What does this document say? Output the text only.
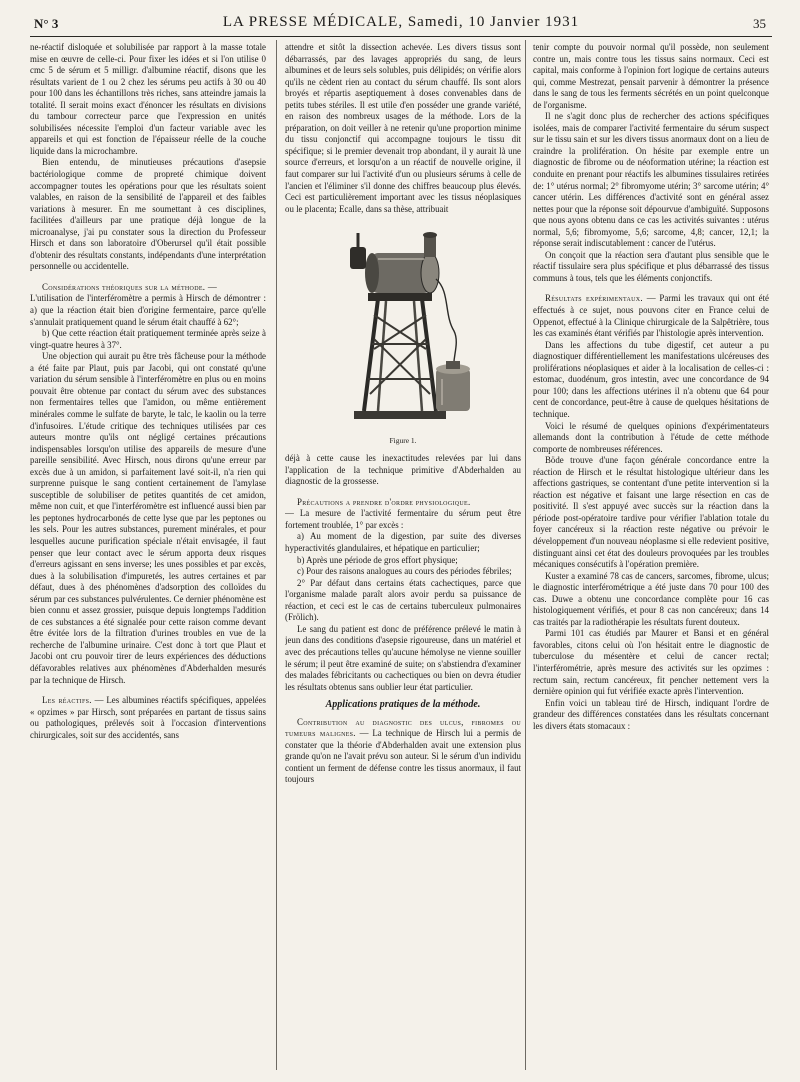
N° 3	LA PRESSE MÉDICALE, Samedi, 10 Janvier 1931	35

ne-réactif disloquée et solubilisée par rapport à la masse totale mise en œuvre de celle-ci. Pour fixer les idées et si l'on utilise 0 cmc 5 de sérum et 5 milligr. d'albumine réactif, disons que les résultats varient de 1 ou 2 chez les sérums peu actifs à 30 ou 40 pour 100 dans les échantillons très riches, sans atteindre jamais la totalité. Il serait moins exact d'énoncer les résultats en divisions du tambour correcteur parce que l'expression en unités solubilisées nécessite l'emploi d'un facteur variable avec les appareils et qui est fonction de l'épaisseur réelle de la couche liquide dans la microchambre.

Bien entendu, de minutieuses précautions d'asepsie bactériologique comme de propreté chimique doivent accompagner toutes les opérations pour que les résultats soient valables, en raison de la sensibilité de l'appareil et des faibles variations à mesurer. En me soumettant à ces disciplines, facilitées d'ailleurs par une pratique déjà longue de la microanalyse, j'ai pu constater sous la direction du Professeur Hirsch et dans son laboratoire d'Oberursel qu'il était possible d'obtenir des résultats constants, indépendants d'une interprétation personnelle ou accidentelle.

Considérations théoriques sur la méthode. —

L'utilisation de l'interféromètre a permis à Hirsch de démontrer : a) que la réaction était bien d'origine fermentaire, parce qu'elle s'annulait pratiquement quand le sérum était chauffé à 62°;

b) Que cette réaction était pratiquement terminée après seize à vingt-quatre heures à 37°.

Une objection qui aurait pu être très fâcheuse pour la méthode a été faite par Plaut, puis par Jacobi, qui ont constaté qu'une variation du sérum sensible à l'interféromètre en plus ou en moins pouvait être obtenue par contact du sérum avec des substances non fermentaires telles que l'amidon, ou même entièrement minérales comme le sulfate de baryte, le talc, le kaolin ou la terre d'infusoires. L'étude critique des techniques utilisées par ces auteurs montre qu'ils ont négligé certaines précautions indispensables lorsqu'on utilise des appareils de mesure d'une pareille sensibilité. Avec Hirsch, nous dirons qu'une erreur par excès due à un amidon, si parfaitement lavé soit-il, n'a rien qui surprenne puisque le sang contient certainement de l'amylase susceptible de solubiliser de petites quantités de cet amidon, même non cuit, et que l'interféromètre est influencé aussi bien par les peptones hydrocarbonés de cette lyse que par les peptones ou les sels. Pour les autres substances, purement minérales, et pour lesquelles aucune purification spéciale n'était envisagée, il faut penser que leur contact avec le sérum apporta deux risques d'erreurs agissant en sens inverse; les unes possibles et par excès, dues à la solubilisation d'impuretés, les autres certaines et par défaut, dues à des phénomènes d'adsorption des colloïdes du sérum par ces substances pulvérulentes. Ce dernier phénomène est bien connu et assez grossier, puisque depuis longtemps l'addition de ces substances a été signalée pour cette raison comme devant être évitée lors de la filtration d'urines troubles en vue de la recherche de l'albumine urinaire. C'est donc à tort que Plaut et Jacobi ont cru pouvoir tirer de leurs expériences des déductions défavorables relatives aux phénomènes d'Abderhalden mesurés par la technique de Hirsch.

Les réactifs. — Les albumines réactifs spécifiques, appelées « opzimes » par Hirsch, sont préparées en partant de tissus sains ou pathologiques, prélevés soit à l'occasion d'interventions chirurgicales, soit sur des accidentés, sans

attendre et sitôt la dissection achevée. Les divers tissus sont débarrassés, par des lavages appropriés du sang, de leurs albumines et de leurs sels solubles, puis délipidés; on vérifie alors qu'ils ne cèdent rien au contact du sérum chauffé. Ils sont alors broyés et répartis aseptiquement à doses convenables dans de petits tubes stériles. Il est utile d'en posséder une grande variété, en raison des nombreux usages de la méthode. Lors de la préparation, on doit veiller à ne retenir qu'une proportion minime du tissu conjonctif qui accompagne toujours le tissu dit spécifique; si le premier devenait trop abondant, il y aurait là une source d'erreurs, et lorsqu'on a un réactif de nouvelle origine, il faut comparer sur lui l'activité d'un ou plusieurs sérums à celle de l'ancien et l'éliminer s'il donne des chiffres beaucoup plus élevés. Ceci est particulièrement important avec les tissus néoplasiques ou le placenta; Ecalle, dans sa thèse, attribuait

Figure 1.

déjà à cette cause les inexactitudes relevées par lui dans l'application de la technique primitive d'Abderhalden au diagnostic de la grossesse.

Précautions a prendre d'ordre physiologique.

— La mesure de l'activité fermentaire du sérum peut être fortement troublée, 1° par excès :

a) Au moment de la digestion, par suite des diverses hyperactivités glandulaires, et hépatique en particulier;

b) Après une période de gros effort physique;

c) Pour des raisons analogues au cours des périodes fébriles;

2° Par défaut dans certains états cachectiques, parce que l'organisme malade paraît alors avoir perdu sa puissance de réaction, et ceci est le cas de certains tuberculeux pulmonaires (Frölich).

Le sang du patient est donc de préférence prélevé le matin à jeun dans des conditions d'asepsie rigoureuse, dans un matériel et avec des précautions telles qu'aucune hémolyse ne vienne souiller le sérum; il peut être examiné de suite; on s'abstiendra d'examiner des malades fébricitants ou cachectiques ou bien on devra étudier les résultats obtenus sans oublier leur état particulier.

Applications pratiques de la méthode.

Contribution au diagnostic des ulcus, fibromes ou tumeurs malignes. — La technique de Hirsch lui a permis de constater que la théorie d'Abderhalden avait une extension plus grande qu'on ne l'avait prévu son auteur. Si le sérum d'un individu contient un ferment de défense contre les tissus anormaux, il faut toujours

tenir compte du pouvoir normal qu'il possède, non seulement contre un, mais contre tous les tissus sains normaux. Ceci est capital, mais conforme à l'opinion fort logique de certains auteurs qui, comme Mestrezat, pensait parvenir à démontrer la présence dans le sang de tous les ferments sécrétés en un point quelconque de l'organisme.

Il ne s'agit donc plus de rechercher des actions spécifiques isolées, mais de comparer l'activité fermentaire du sérum suspect sur le tissu sain et sur les divers tissus anormaux dont on a lieu de craindre la prolifération. On hésite par exemple entre un diagnostic de fibrome ou de néoformation utérine; la réaction est conduite en prenant pour réactifs les albumines tissulaires retirées de: 1° utérus normal; 2° fibromyome utérin; 3° sarcome utérin; 4° cancer utérin. Les différences d'activité sont en général assez nettes pour que la réponse soit dépourvue d'ambiguïté. Supposons que nous ayons obtenu dans ce cas les activités suivantes : utérus normal, 5,6; fibromyome, 5,6; sarcome, 4,8; cancer, 12,1; la réponse serait indiscutablement : cancer de l'utérus.

On conçoit que la réaction sera d'autant plus sensible que le réactif tissulaire sera plus spécifique et plus débarrassé des tissus communs à tous, tels que les éléments conjonctifs.

Résultats expérimentaux. — Parmi les travaux qui ont été effectués à ce sujet, nous pouvons citer en France celui de Oppenot, effectué à la Clinique chirurgicale de la Salpêtrière, tous les cas examinés étant vérifiés par l'histologie après intervention.

Dans les affections du tube digestif, cet auteur a pu diagnostiquer différentiellement les manifestations ulcéreuses des proliférations néoplasiques et aider à la localisation de celles-ci : estomac, duodénum, gros intestin, avec une concordance de 94 pour 100; dans les affections utérines il n'a obtenu que 64 pour cent de concordance, peut-être à cause de quelques hésitations de technique.

Voici le résumé de quelques opinions d'expérimentateurs allemands dont la contribution à l'étude de cette méthode comporte de nombreuses références.

Böde trouve d'une façon générale concordance entre la réaction de Hirsch et le résultat histologique ultérieur dans les affections gastriques, se contentant d'une petite intervention si la réaction est négative et faisant une large résection en cas de positivité. Il s'est appuyé avec succès sur la réaction dans la période post-opératoire tardive pour vérifier l'ablation totale du foyer cancéreux si la réaction reste négative ou prévoir le développement d'un nouveau néoplasme si elle redevient positive, distinguant ainsi cet état des douleurs provoquées par les troubles mécaniques consécutifs à l'opération première.

Kuster a examiné 78 cas de cancers, sarcomes, fibrome, ulcus; le diagnostic interférométrique a été juste dans 70 pour 100 des cas. Duwe a obtenu une concordance complète pour 16 cas histologiquement vérifiés, et pour 8 cas non cancéreux; dans 14 cas traités par la radiothérapie les résultats furent douteux.

Parmi 101 cas étudiés par Maurer et Bansi et en général favorables, citons celui où l'on hésitait entre le diagnostic de tuberculose du mésentère et celui de cancer rectal; l'interférométrie, après mesure des activités sur les opzimes : rectum sain, rectum cancéreux, fit pencher nettement vers la dernière opinion qui fut vérifiée exacte après l'intervention.

Enfin voici un tableau tiré de Hirsch, indiquant l'ordre de grandeur des différences constatées dans les résultats concernant les divers états stomacaux :
